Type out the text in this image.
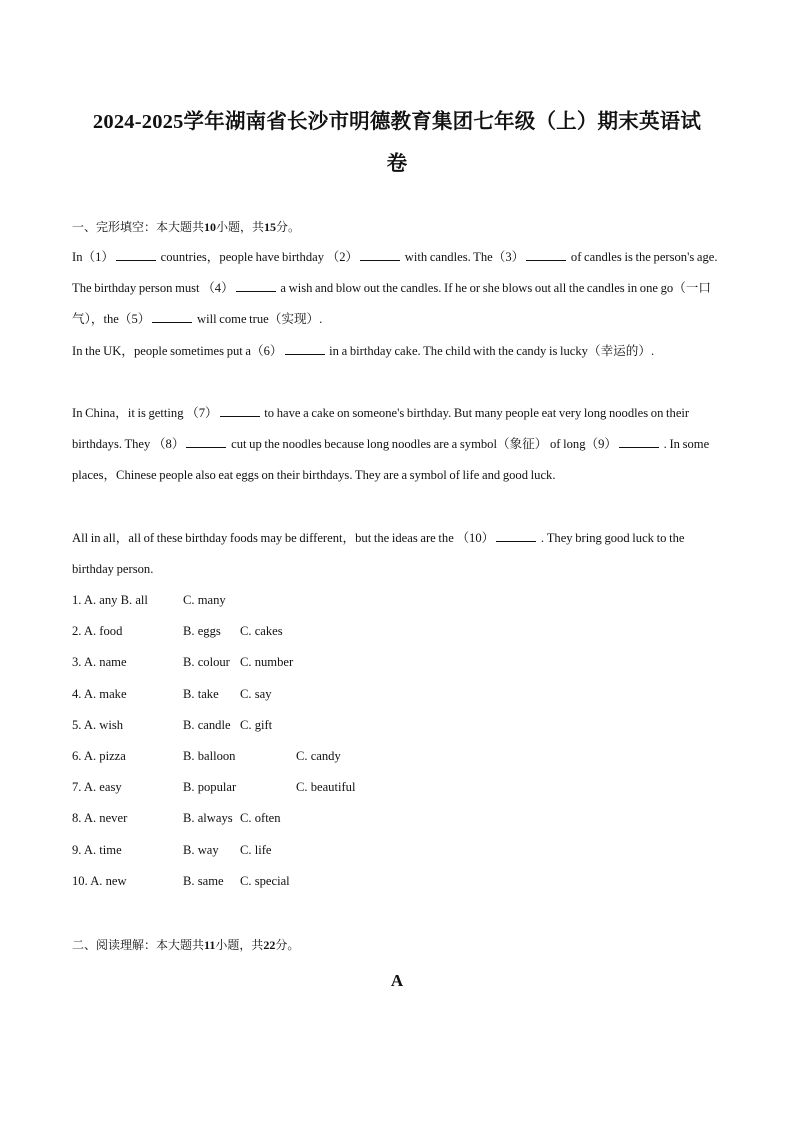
2024-2025学年湖南省长沙市明德教育集团七年级（上）期末英语试
卷
一、完形填空：本大题共10小题，共15分。
In（1）	countries，people have birthday （2）	with candles. The（3）	of candles is the person's age. The birthday person must （4）	a wish and blow out the candles. If he or she blows out all the candles in one go（一口气），the（5）	will come true（实现）.
In the UK，people sometimes put a（6）	in a birthday cake. The child with the candy is lucky（幸运的）.
In China，it is getting （7）	to have a cake on someone's birthday. But many people eat very long noodles on their birthdays. They （8）	cut up the noodles because long noodles are a symbol（象征） of long（9）	. In some places，Chinese people also eat eggs on their birthdays. They are a symbol of life and good luck.
All in all，all of these birthday foods may be different，but the ideas are the （10）	. They bring good luck to the birthday person.
1. A. any B. all	C. many
2. A. food	B. eggs C. cakes
3. A. name	B. colour C. number
4. A. make	B. take C. say
5. A. wish	B. candle C. gift
6. A. pizza	B. balloon	C. candy
7. A. easy	B. popular	C. beautiful
8. A. never	B. always C. often
9. A. time	B. way C. life
10. A. new	B. same C. special
二、阅读理解：本大题共11小题，共22分。
A
